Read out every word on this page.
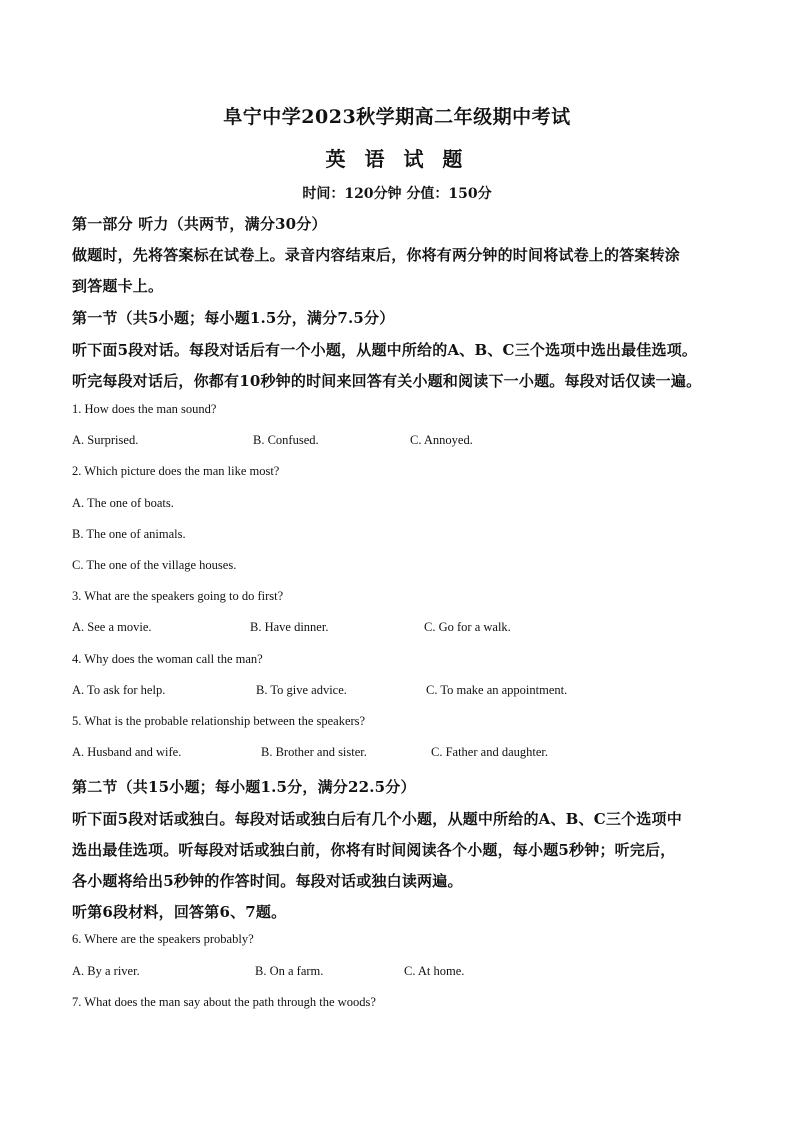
阜宁中学2023秋学期高二年级期中考试
英 语 试 题
时间：120分钟 分值：150分
第一部分 听力（共两节，满分30分）
做题时，先将答案标在试卷上。录音内容结束后，你将有两分钟的时间将试卷上的答案转涂
到答题卡上。
第一节（共5小题；每小题1.5分，满分7.5分）
听下面5段对话。每段对话后有一个小题，从题中所给的A、B、C三个选项中选出最佳选项。
听完每段对话后，你都有10秒钟的时间来回答有关小题和阅读下一小题。每段对话仅读一遍。
1. How does the man sound?
A. Surprised.	B. Confused.	C. Annoyed.
2. Which picture does the man like most?
A. The one of boats.
B. The one of animals.
C. The one of the village houses.
3. What are the speakers going to do first?
A. See a movie.	B. Have dinner.	C. Go for a walk.
4. Why does the woman call the man?
A. To ask for help.	B. To give advice.	C. To make an appointment.
5. What is the probable relationship between the speakers?
A. Husband and wife.	B. Brother and sister.	C. Father and daughter.
第二节（共15小题；每小题1.5分，满分22.5分）
听下面5段对话或独白。每段对话或独白后有几个小题，从题中所给的A、B、C三个选项中
选出最佳选项。听每段对话或独白前，你将有时间阅读各个小题，每小题5秒钟；听完后，
各小题将给出5秒钟的作答时间。每段对话或独白读两遍。
听第6段材料，回答第6、7题。
6. Where are the speakers probably?
A. By a river.	B. On a farm.	C. At home.
7. What does the man say about the path through the woods?
